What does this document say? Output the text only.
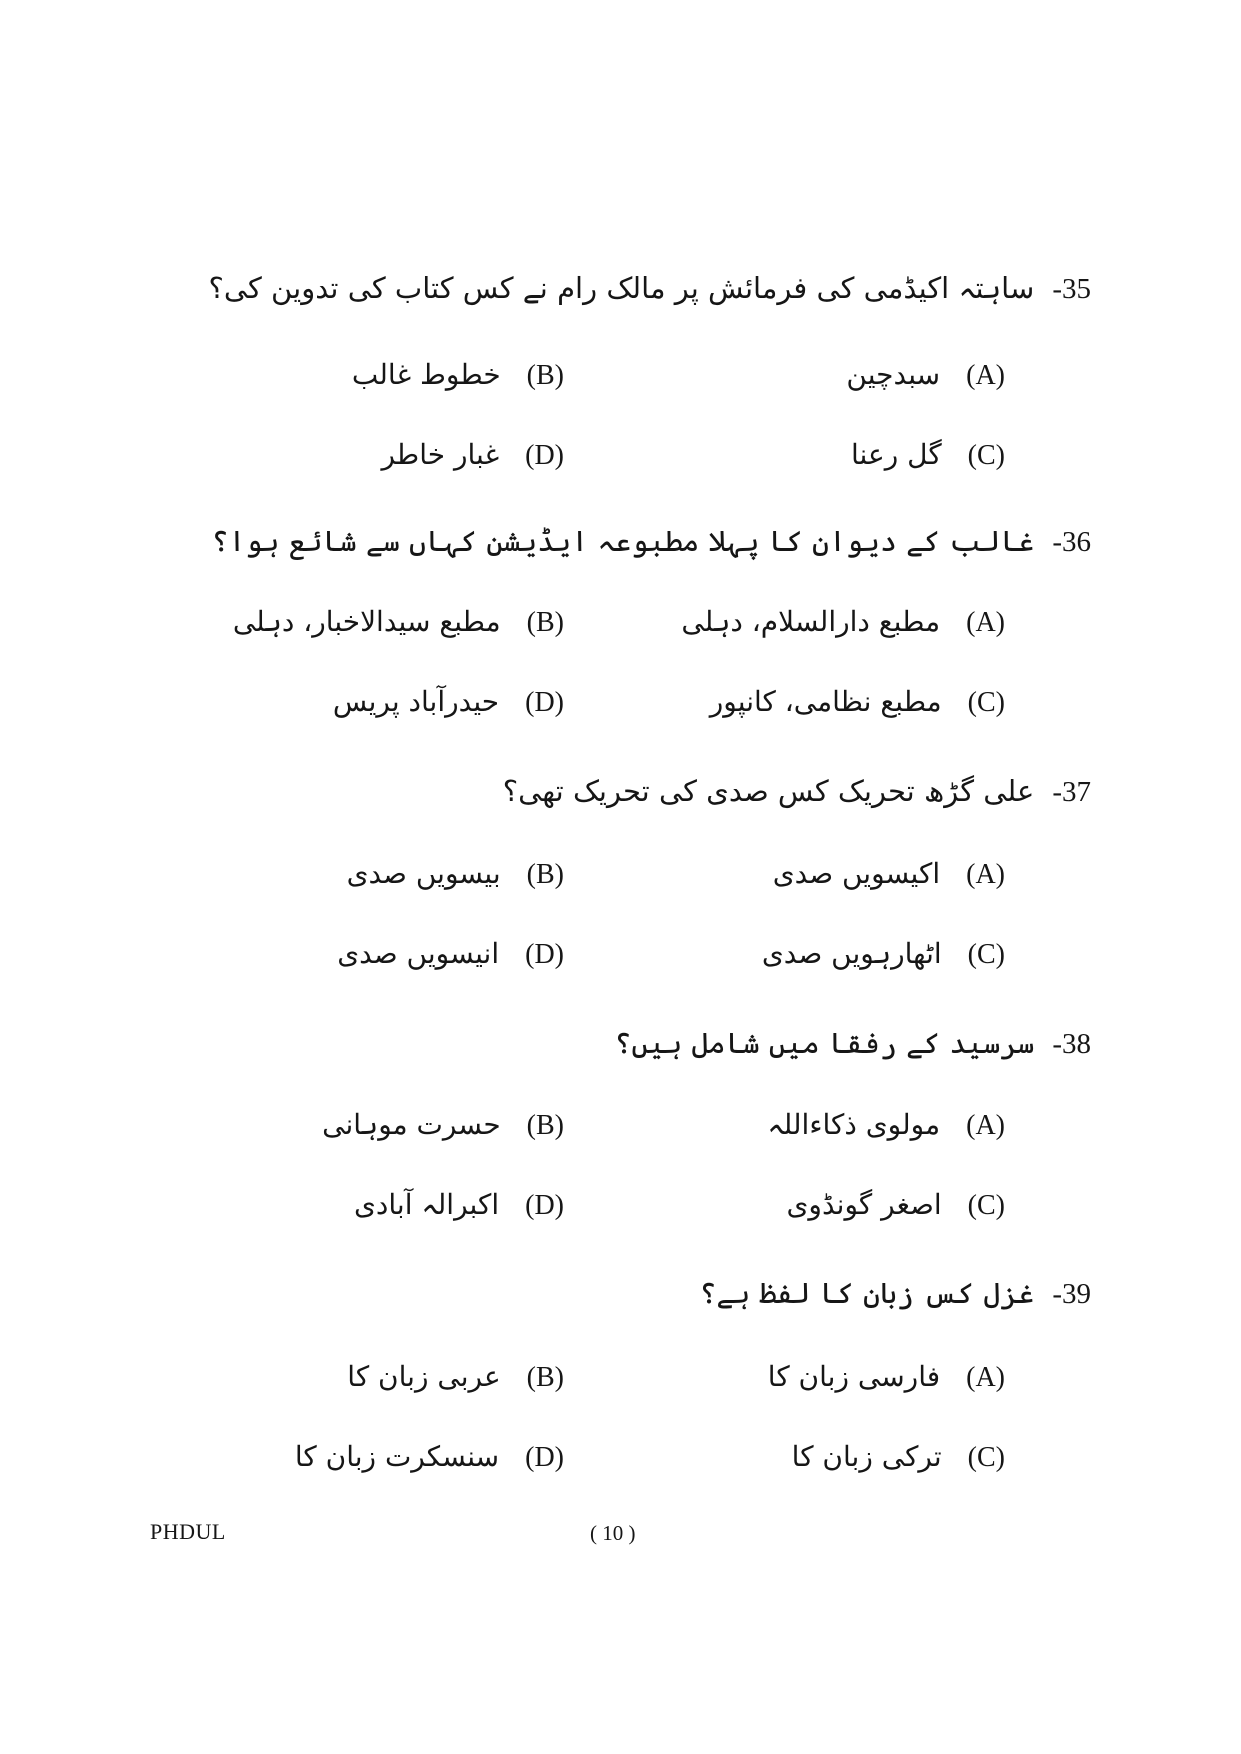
35-ساہتہ اکیڈمی کی فرمائش پر مالک رام نے کس کتاب کی تدوین کی؟
(A)سبدچین
(B)خطوط غالب
(C)گل رعنا
(D)غبار خاطر
36-غالب کے دیوان کا پہلا مطبوعہ ایڈیشن کہاں سے شائع ہوا؟
(A)مطبع دارالسلام، دہلی
(B)مطبع سیدالاخبار، دہلی
(C)مطبع نظامی، کانپور
(D)حیدرآباد پریس
37-علی گڑھ تحریک کس صدی کی تحریک تھی؟
(A)اکیسویں صدی
(B)بیسویں صدی
(C)اٹھارہویں صدی
(D)انیسویں صدی
38-سرسید کے رفقا میں شامل ہیں؟
(A)مولوی ذکاءاللہ
(B)حسرت موہانی
(C)اصغر گونڈوی
(D)اکبرالہ آبادی
39-غزل کس زبان کا لفظ ہے؟
(A)فارسی زبان کا
(B)عربی زبان کا
(C)ترکی زبان کا
(D)سنسکرت زبان کا
PHDUL	( 10 )
